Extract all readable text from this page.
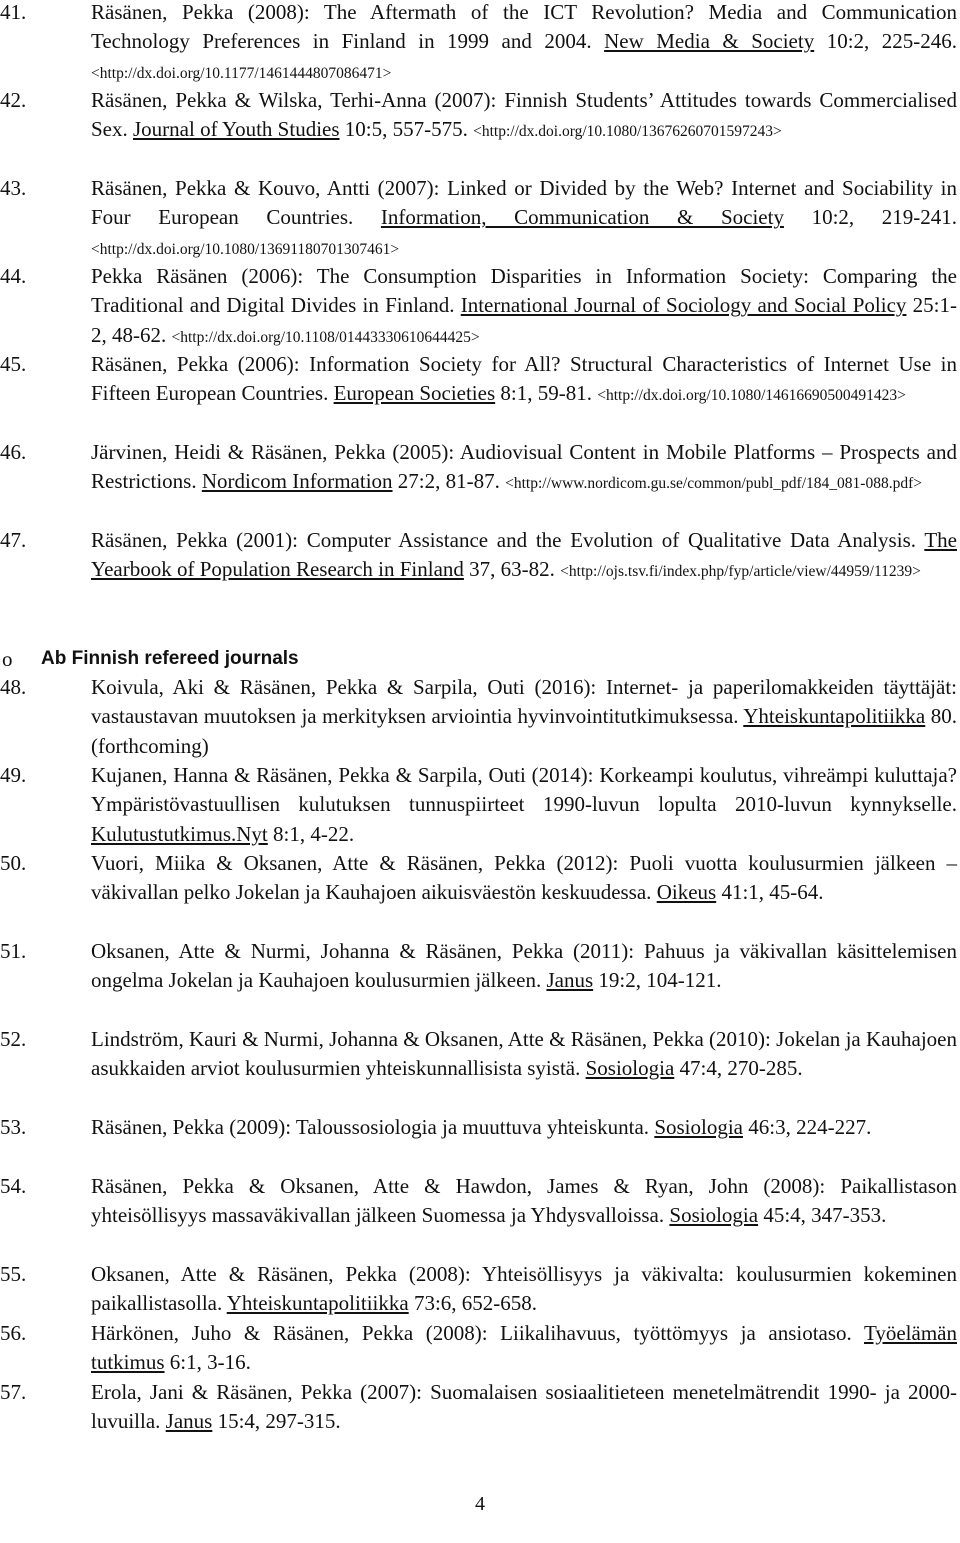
41.	Räsänen, Pekka (2008): The Aftermath of the ICT Revolution? Media and Communication Technology Preferences in Finland in 1999 and 2004. New Media & Society 10:2, 225-246. <http://dx.doi.org/10.1177/1461444807086471>
42.	Räsänen, Pekka & Wilska, Terhi-Anna (2007): Finnish Students’ Attitudes towards Commercialised Sex. Journal of Youth Studies 10:5, 557-575. <http://dx.doi.org/10.1080/13676260701597243>
43.	Räsänen, Pekka & Kouvo, Antti (2007): Linked or Divided by the Web? Internet and Sociability in Four European Countries. Information, Communication & Society 10:2, 219-241. <http://dx.doi.org/10.1080/13691180701307461>
44.	Pekka Räsänen (2006): The Consumption Disparities in Information Society: Comparing the Traditional and Digital Divides in Finland. International Journal of Sociology and Social Policy 25:1-2, 48-62. <http://dx.doi.org/10.1108/01443330610644425>
45.	Räsänen, Pekka (2006): Information Society for All? Structural Characteristics of Internet Use in Fifteen European Countries. European Societies 8:1, 59-81. <http://dx.doi.org/10.1080/14616690500491423>
46.	Järvinen, Heidi & Räsänen, Pekka (2005): Audiovisual Content in Mobile Platforms – Prospects and Restrictions. Nordicom Information 27:2, 81-87. <http://www.nordicom.gu.se/common/publ_pdf/184_081-088.pdf>
47.	Räsänen, Pekka (2001): Computer Assistance and the Evolution of Qualitative Data Analysis. The Yearbook of Population Research in Finland 37, 63-82. <http://ojs.tsv.fi/index.php/fyp/article/view/44959/11239>
o Ab Finnish refereed journals
48.	Koivula, Aki & Räsänen, Pekka & Sarpila, Outi (2016): Internet- ja paperilomakkeiden täyttäjät: vastaustavan muutoksen ja merkityksen arviointia hyvinvointitutkimuksessa. Yhteiskuntapolitiikka 80. (forthcoming)
49.	Kujanen, Hanna & Räsänen, Pekka & Sarpila, Outi (2014): Korkeampi koulutus, vihreämpi kuluttaja? Ympäristövastuullisen kulutuksen tunnuspiirteet 1990-luvun lopulta 2010-luvun kynnykselle. Kulutustutkimus.Nyt 8:1, 4-22.
50.	Vuori, Miika & Oksanen, Atte & Räsänen, Pekka (2012): Puoli vuotta koulusurmien jälkeen – väkivallan pelko Jokelan ja Kauhajoen aikuisväestön keskuudessa. Oikeus 41:1, 45-64.
51.	Oksanen, Atte & Nurmi, Johanna & Räsänen, Pekka (2011): Pahuus ja väkivallan käsittelemisen ongelma Jokelan ja Kauhajoen koulusurmien jälkeen. Janus 19:2, 104-121.
52.	Lindström, Kauri & Nurmi, Johanna & Oksanen, Atte & Räsänen, Pekka (2010): Jokelan ja Kauhajoen asukkaiden arviot koulusurmien yhteiskunnallisista syistä. Sosiologia 47:4, 270-285.
53.	Räsänen, Pekka (2009): Taloussosiologia ja muuttuva yhteiskunta. Sosiologia 46:3, 224-227.
54.	Räsänen, Pekka & Oksanen, Atte & Hawdon, James & Ryan, John (2008): Paikallistason yhteisöllisyys massaväkivallan jälkeen Suomessa ja Yhdysvalloissa. Sosiologia 45:4, 347-353.
55.	Oksanen, Atte & Räsänen, Pekka (2008): Yhteisöllisyys ja väkivalta: koulusurmien kokeminen paikallistasolla. Yhteiskuntapolitiikka 73:6, 652-658.
56.	Härkönen, Juho & Räsänen, Pekka (2008): Liikalihavuus, työttömyys ja ansiotaso. Työelämän tutkimus 6:1, 3-16.
57.	Erola, Jani & Räsänen, Pekka (2007): Suomalaisen sosiaalitieteen menetelmätrendit 1990- ja 2000-luvuilla. Janus 15:4, 297-315.
4
